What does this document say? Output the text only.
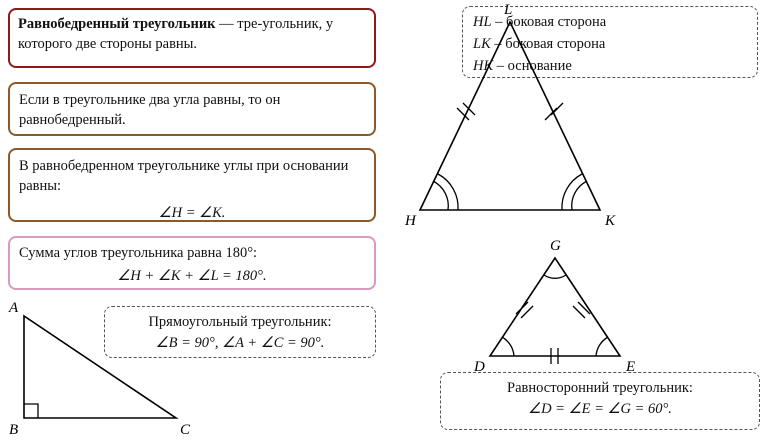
Равнобедренный треугольник — тре-угольник, у которого две стороны равны.
Если в треугольнике два угла равны, то он равнобедренный.
В равнобедренном треугольнике углы при основании равны:
∠H = ∠K.
Сумма углов треугольника равна 180°:
∠H + ∠K + ∠L = 180°.
HL – боковая сторона
LK – боковая сторона
HK – основание
Прямоугольный треугольник:
∠B = 90°, ∠A + ∠C = 90°.
Равносторонний треугольник:
∠D = ∠E = ∠G = 60°.
L
H	K
G
D	E
A
B	C
